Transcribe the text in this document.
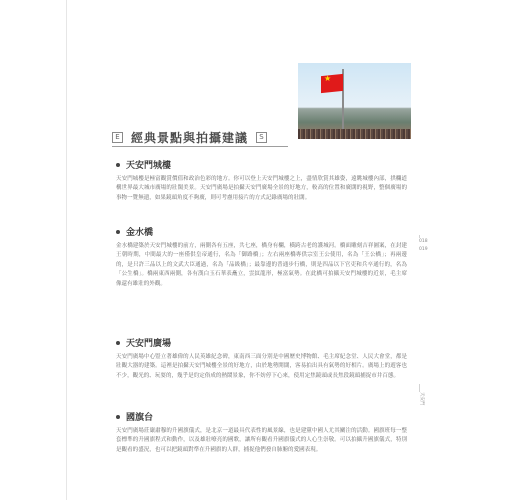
★
E 經典景點與拍攝建議	S
天安門城樓
天安門城樓是極富觀賞價值和政治色彩的地方。你可以登上天安門城樓之上，盡情欣賞其雄姿，遠眺城樓內部，拱欄道構世界最大城市廣場的壯闊美景。天安門廣場是拍攝天安門廣場全景的好地方，較高的位置和廣闊的視野，整個廣場的事物一覽無遺，如果鏡頭角度不夠廣，則可考慮用接片的方式記錄廣場的壯闊。
金水橋
金水橋建築於天安門城樓的前方，兩側各有五座，共七座，橋身有欄，橫跨古老的護城河。橋面雕刻吉祥圖案，在封建王朝時期，中間最大的一座僅供皇帝通行，名為「御路橋」；左右兩座橋專供宗室王公使用，名為「王公橋」；再兩邊的，是只許三品以上的文武大臣通過，名為「品級橋」；最靠邊的普通步行橋，則是四品以下官吏和兵卒通行的，名為「公生橋」。橋兩東西兩側，各有漢白玉石華表矗立，雲紋龍形，極富氣勢。在此橋可拍攝天安門城樓的近景，毛主席像還有雄壯的外觀。
天安門廣場
天安門廣場中心豎立著雄偉的人民英雄紀念碑，東南西三面分別是中國歷史博物館、毛主席紀念堂、人民大會堂，都是壯觀大器的建築。這裡是拍攝天安門城樓全景的好地方，由於地勢開闊，客易拍出具有氣勢的好相片。廣場上的遊客也不少，觀光的、玩耍的，幾乎是約定俗成的熱鬧景象，你不妨停下心來，使用定焦鏡頭或長焦段鏡頭捕捉市井百態。
國旗台
天安門廣場莊嚴肅穆的升國旗儀式，是北京一道最具代表性的風景線，也是建黨中國人尤其關注的活動。國旗班每一整套標準的升國旗程式和動作，以及雄壯嘹亮的國歌，讓所有觀看升國旗儀式的人心生崇敬。可以拍攝升國旗儀式，特別是觀看的盛況，也可以把鏡頭對準在升國旗的人群，捕捉他們發自肺腑的愛國表現。
018
019
天安門
